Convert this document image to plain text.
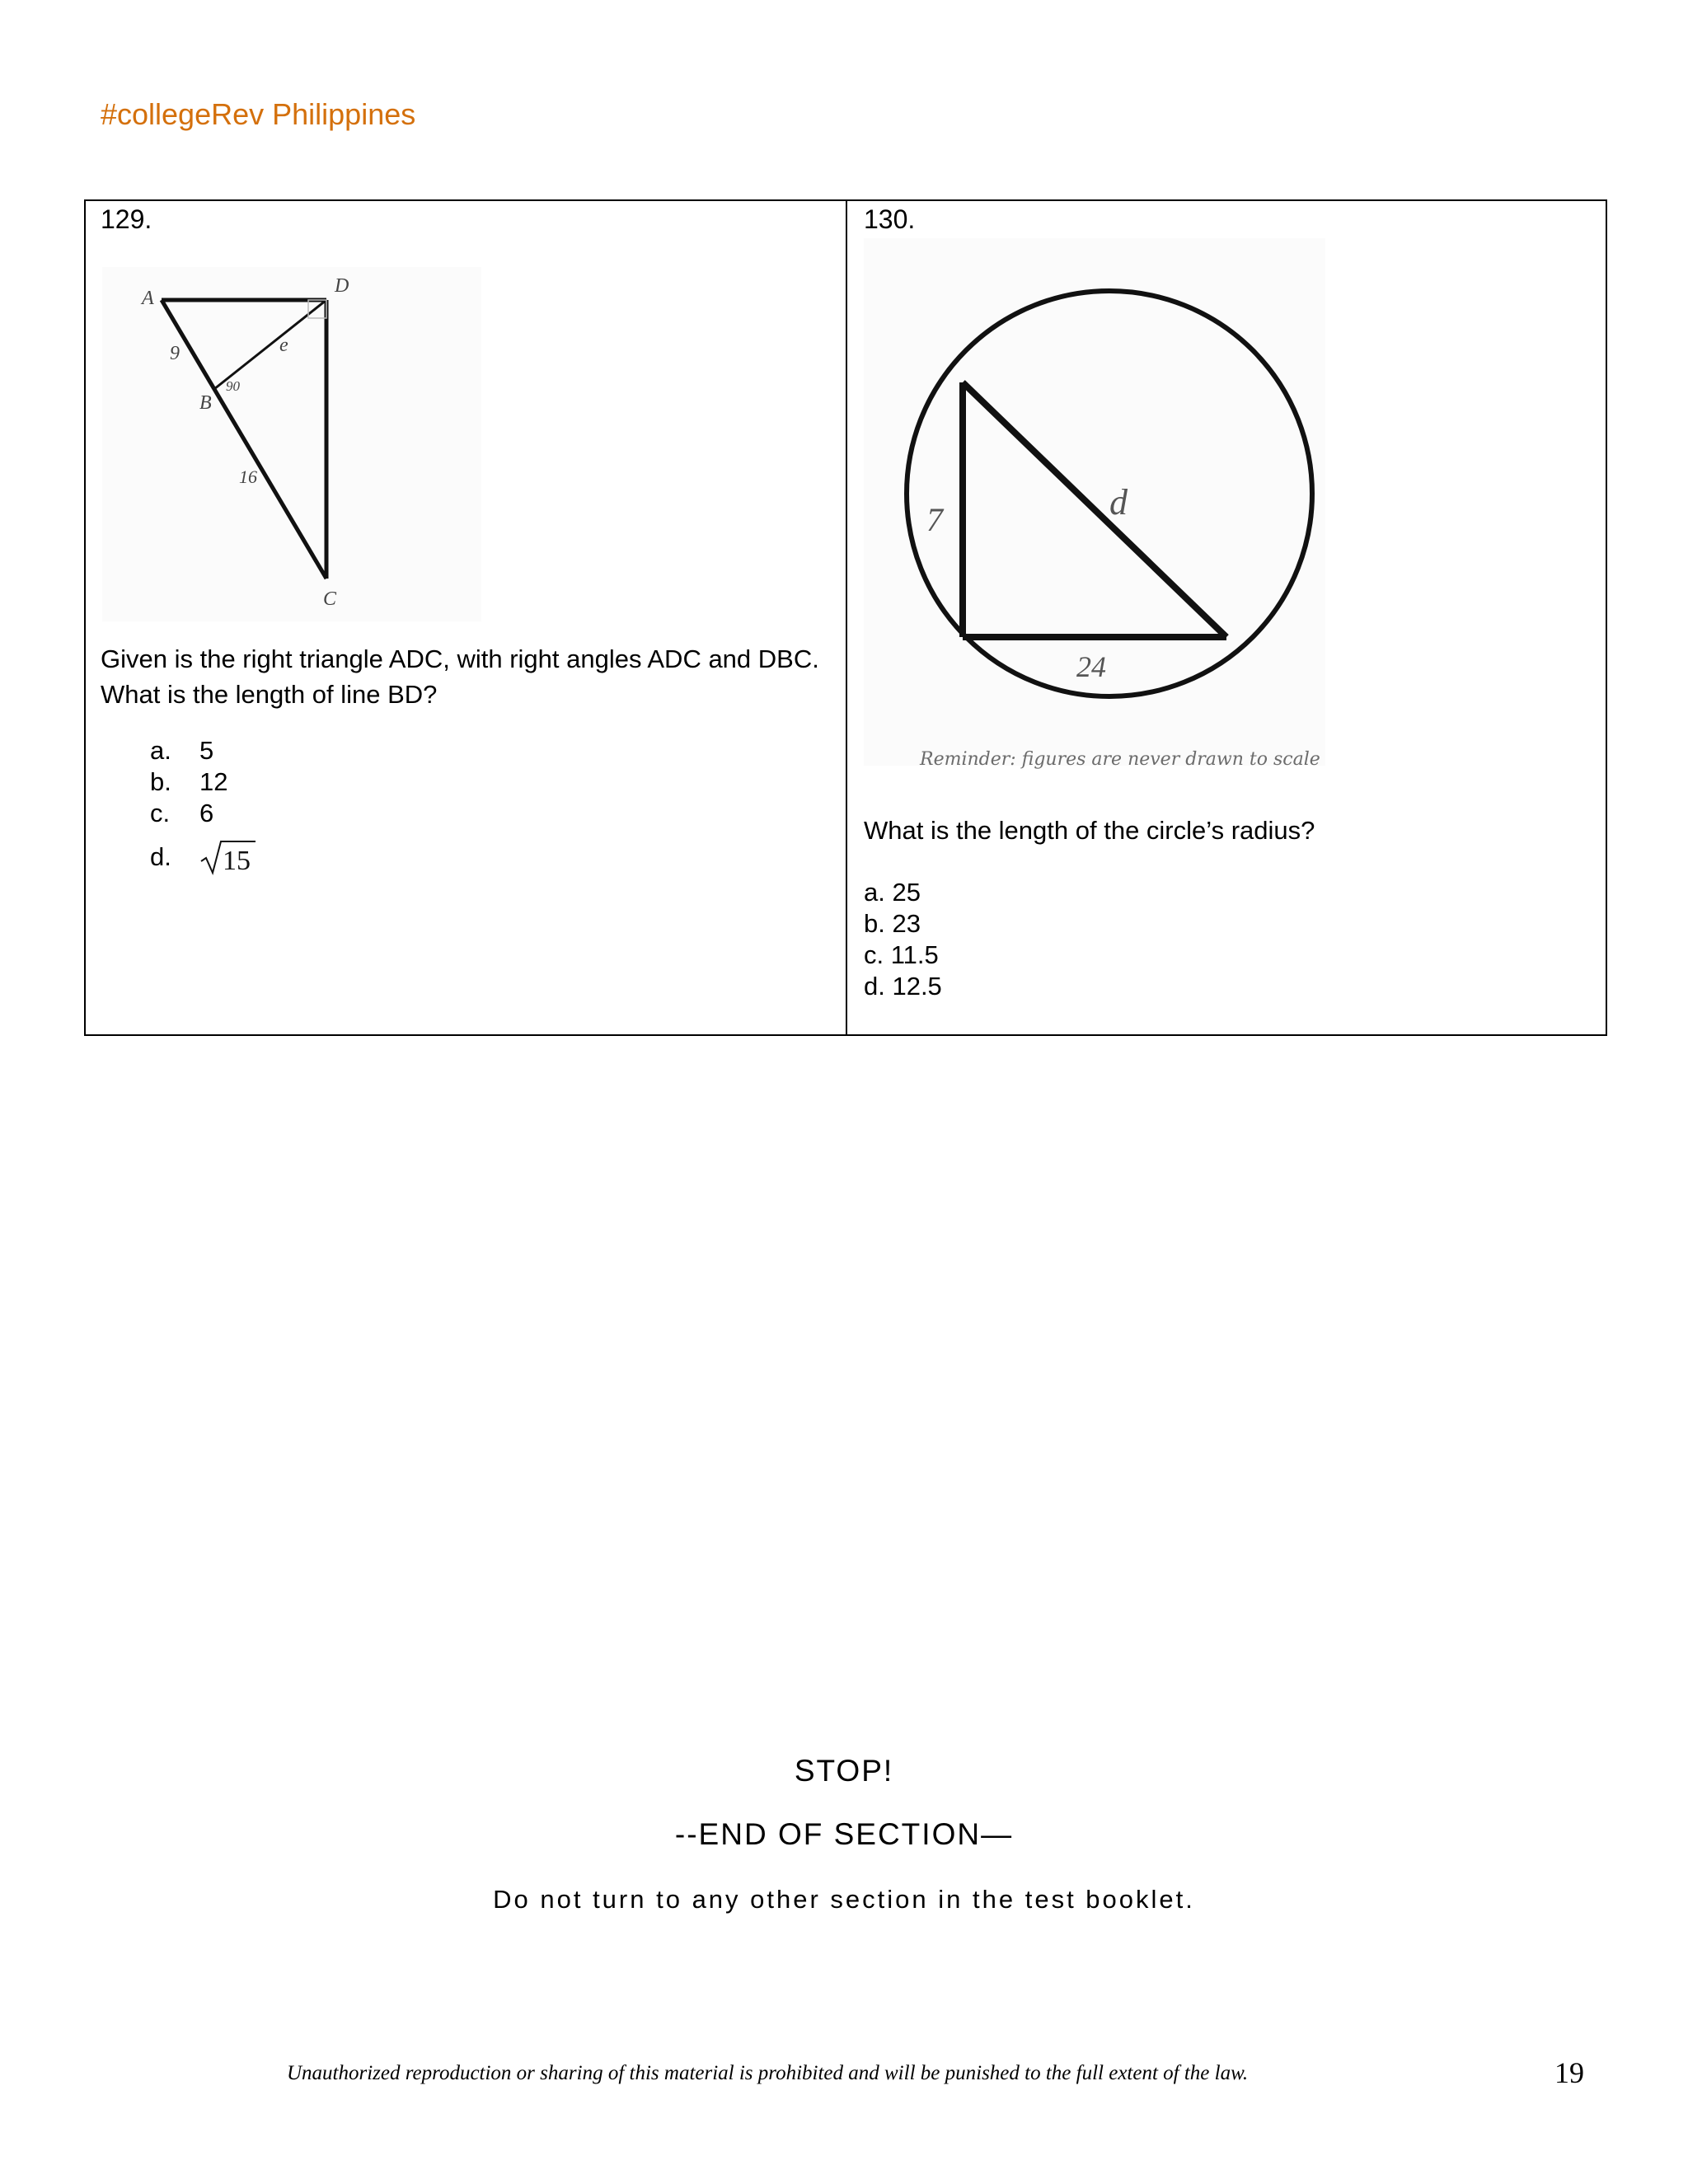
#collegeRev Philippines
129.
A
D
B
C
9	e
16
90
Given is the right triangle ADC, with right angles ADC and DBC.
What is the length of line BD?
a.	5
b.	12
c.	6
d.	15
130.
7
24
d
Reminder: figures are never drawn to scale
What is the length of the circle’s radius?
a. 25
b. 23
c. 11.5
d. 12.5
STOP!
--END OF SECTION—
Do not turn to any other section in the test booklet.
Unauthorized reproduction or sharing of this material is prohibited and will be punished to the full extent of the law.	19
